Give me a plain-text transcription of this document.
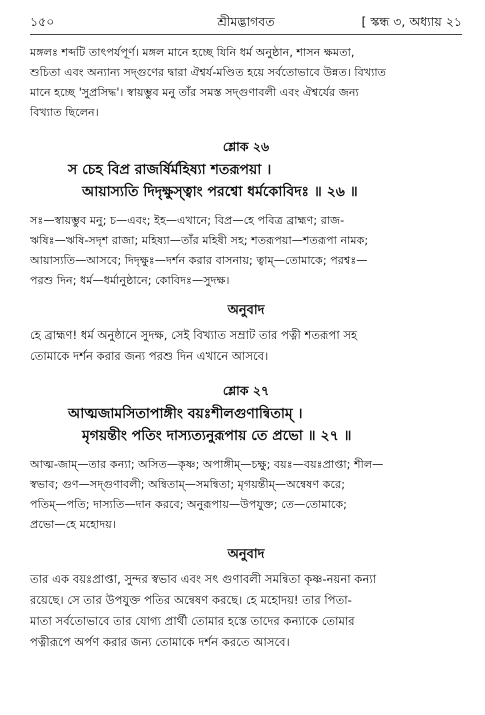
১৫০	শ্রীমদ্ভাগবত	[ স্কন্ধ ৩, অধ্যায় ২১
মঙ্গলঃ শব্দটি তাৎপর্যপূর্ণ। মঙ্গল মানে হচ্ছে যিনি ধর্ম অনুষ্ঠান, শাসন ক্ষমতা,
শুচিতা এবং অন্যান্য সদ্গুণের দ্বারা ঐশ্বর্য-মণ্ডিত হয়ে সর্বতোভাবে উন্নত। বিখ্যাত
মানে হচ্ছে 'সুপ্রসিদ্ধ'। স্বায়ম্ভুব মনু তাঁর সমস্ত সদ্গুণাবলী এবং ঐশ্বর্যের জন্য
বিখ্যাত ছিলেন।
শ্লোক ২৬
স চেহ বিপ্র রাজর্ষির্মহিষ্যা শতরূপয়া ।
আয়াস্যতি দিদৃক্ষুস্ত্বাং পরশ্বো ধর্মকোবিদঃ ॥ ২৬ ॥
সঃ—স্বায়ম্ভুব মনু; চ—এবং; ইহ—এখানে; বিপ্র—হে পবিত্র ব্রাহ্মণ; রাজ-
ঋষিঃ—ঋষি-সদৃশ রাজা; মহিষ্যা—তাঁর মহিষী সহ; শতরূপয়া—শতরূপা নামক;
আয়াস্যতি—আসবে; দিদৃক্ষুঃ—দর্শন করার বাসনায়; ত্বাম্—তোমাকে; পরশ্বঃ—
পরশু দিন; ধর্ম—ধর্মানুষ্ঠানে; কোবিদঃ—সুদক্ষ।
অনুবাদ
হে ব্রাহ্মণ! ধর্ম অনুষ্ঠানে সুদক্ষ, সেই বিখ্যাত সম্রাট তার পত্নী শতরূপা সহ
তোমাকে দর্শন করার জন্য পরশু দিন এখানে আসবে।
শ্লোক ২৭
আত্মজামসিতাপাঙ্গীং বয়ঃশীলগুণান্বিতাম্ ।
মৃগয়ন্তীং পতিং দাস্যত্যনুরূপায় তে প্রভো ॥ ২৭ ॥
আত্ম-জাম্—তার কন্যা; অসিত—কৃষ্ণ; অপাঙ্গীম্—চক্ষু; বয়ঃ—বয়ঃপ্রাপ্তা; শীল—
স্বভাব; গুণ—সদ্গুণাবলী; অন্বিতাম্—সমন্বিতা; মৃগয়ন্তীম্—অন্বেষণ করে;
পতিম্—পতি; দাস্যতি—দান করবে; অনুরূপায়—উপযুক্ত; তে—তোমাকে;
প্রভো—হে মহোদয়।
অনুবাদ
তার এক বয়ঃপ্রাপ্তা, সুন্দর স্বভাব এবং সৎ গুণাবলী সমন্বিতা কৃষ্ণ-নয়না কন্যা
রয়েছে। সে তার উপযুক্ত পতির অন্বেষণ করছে। হে মহোদয়! তার পিতা-
মাতা সর্বতোভাবে তার যোগ্য প্রার্থী তোমার হস্তে তাদের কন্যাকে তোমার
পত্নীরূপে অর্পণ করার জন্য তোমাকে দর্শন করতে আসবে।
